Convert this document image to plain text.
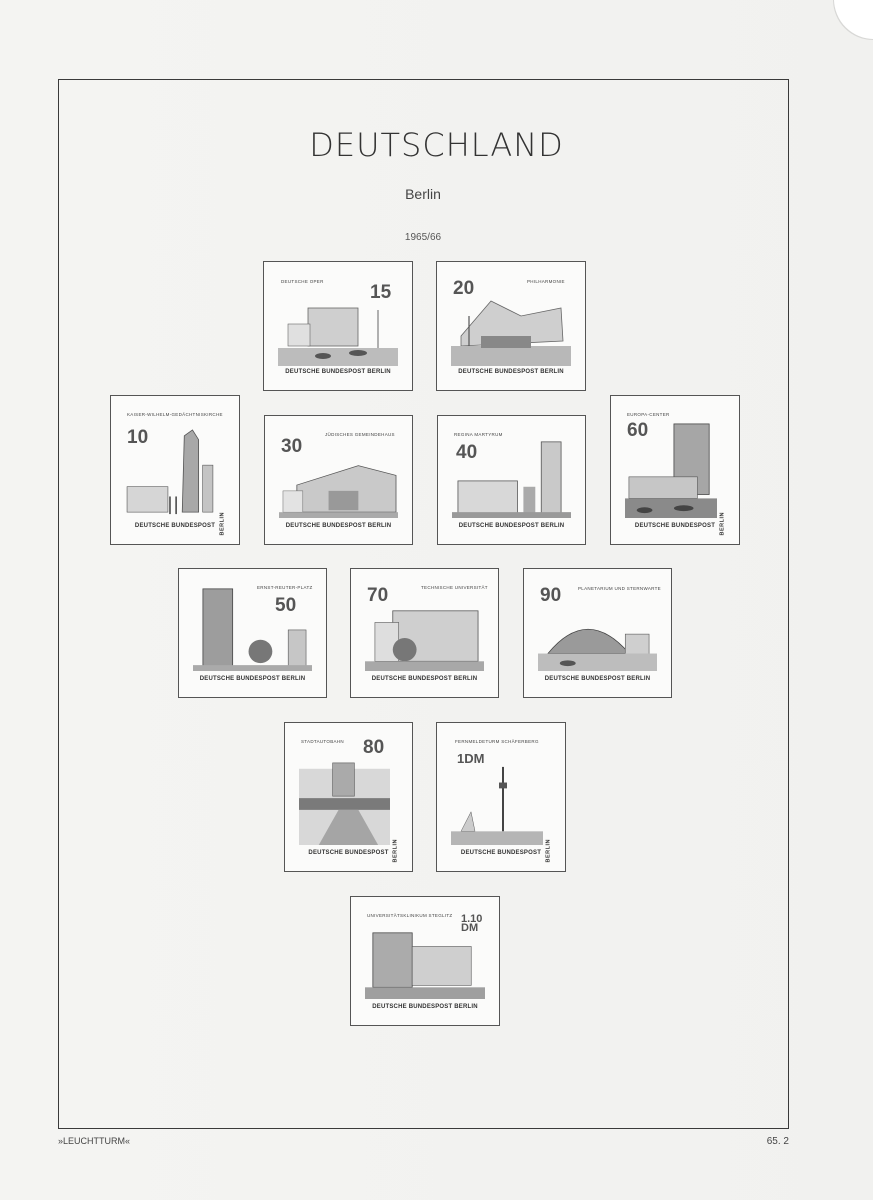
DEUTSCHLAND
Berlin
1965/66
DEUTSCHE OPER
15
DEUTSCHE BUNDESPOST BERLIN
20	PHILHARMONIE
DEUTSCHE BUNDESPOST BERLIN
KAISER-WILHELM-GEDÄCHTNISKIRCHE
10
BERLIN
DEUTSCHE BUNDESPOST
30
JÜDISCHES GEMEINDEHAUS
DEUTSCHE BUNDESPOST BERLIN
REGINA MARTYRUM
40
DEUTSCHE BUNDESPOST BERLIN
EUROPA-CENTER
60
BERLIN
DEUTSCHE BUNDESPOST
ERNST-REUTER-PLATZ
50
DEUTSCHE BUNDESPOST BERLIN
70	TECHNISCHE UNIVERSITÄT
DEUTSCHE BUNDESPOST BERLIN
90	PLANETARIUM UND STERNWARTE
DEUTSCHE BUNDESPOST BERLIN
STADTAUTOBAHN 80
BERLIN
DEUTSCHE BUNDESPOST
FERNMELDETURM SCHÄFERBERG
1DM
BERLIN
DEUTSCHE BUNDESPOST
UNIVERSITÄTSKLINIKUM STEGLITZ 1.10 DM
DEUTSCHE BUNDESPOST BERLIN
»LEUCHTTURM«	65. 2
